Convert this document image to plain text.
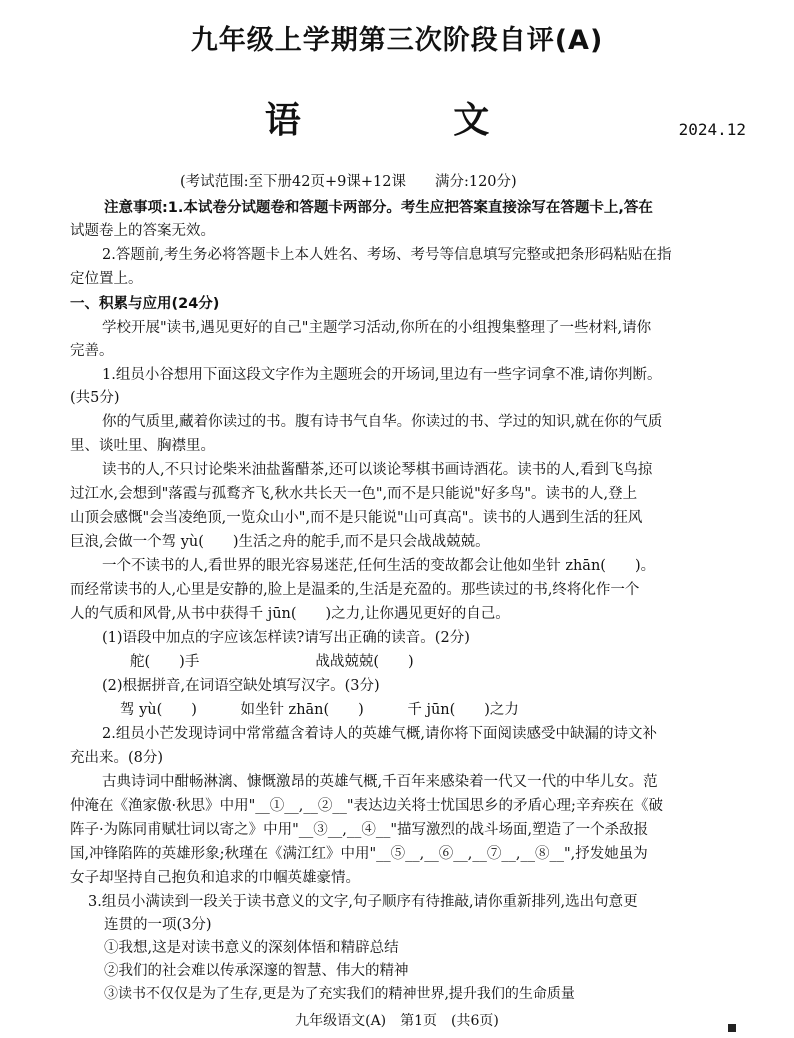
九年级上学期第三次阶段自评(A)
语 文	2024.12
(考试范围:至下册42页+9课+12课　　满分:120分)
注意事项:1.本试卷分试题卷和答题卡两部分。考生应把答案直接涂写在答题卡上,答在
试题卷上的答案无效。
2.答题前,考生务必将答题卡上本人姓名、考场、考号等信息填写完整或把条形码粘贴在指
定位置上。
一、积累与应用(24分)
学校开展"读书,遇见更好的自己"主题学习活动,你所在的小组搜集整理了一些材料,请你
完善。
1.组员小谷想用下面这段文字作为主题班会的开场词,里边有一些字词拿不准,请你判断。
(共5分)
你的气质里,藏着你读过的书。腹有诗书气自华。你读过的书、学过的知识,就在你的气质
里、谈吐里、胸襟里。
读书的人,不只讨论柴米油盐酱醋茶,还可以谈论琴棋书画诗酒花。读书的人,看到飞鸟掠
过江水,会想到"落霞与孤鹜齐飞,秋水共长天一色",而不是只能说"好多鸟"。读书的人,登上
山顶会感慨"会当凌绝顶,一览众山小",而不是只能说"山可真高"。读书的人遇到生活的狂风
巨浪,会做一个驾 yù(　　)生活之舟的舵手,而不是只会战战兢兢。
一个不读书的人,看世界的眼光容易迷茫,任何生活的变故都会让他如坐针 zhān(　　)。
而经常读书的人,心里是安静的,脸上是温柔的,生活是充盈的。那些读过的书,终将化作一个
人的气质和风骨,从书中获得千 jūn(　　)之力,让你遇见更好的自己。
(1)语段中加点的字应该怎样读?请写出正确的读音。(2分)
舵(　　)手　　　　　　　　战战兢兢(　　)
(2)根据拼音,在词语空缺处填写汉字。(3分)
驾 yù(　　)　　　如坐针 zhān(　　)　　　千 jūn(　　)之力
2.组员小芒发现诗词中常常蕴含着诗人的英雄气概,请你将下面阅读感受中缺漏的诗文补
充出来。(8分)
古典诗词中酣畅淋漓、慷慨激昂的英雄气概,千百年来感染着一代又一代的中华儿女。范
仲淹在《渔家傲·秋思》中用"__①__,__②__"表达边关将士忧国思乡的矛盾心理;辛弃疾在《破
阵子·为陈同甫赋壮词以寄之》中用"__③__,__④__"描写激烈的战斗场面,塑造了一个杀敌报
国,冲锋陷阵的英雄形象;秋瑾在《满江红》中用"__⑤__,__⑥__,__⑦__,__⑧__",抒发她虽为
女子却坚持自己抱负和追求的巾帼英雄豪情。
3.组员小满读到一段关于读书意义的文字,句子顺序有待推敲,请你重新排列,选出句意更
连贯的一项(3分)
①我想,这是对读书意义的深刻体悟和精辟总结
②我们的社会难以传承深邃的智慧、伟大的精神
③读书不仅仅是为了生存,更是为了充实我们的精神世界,提升我们的生命质量
九年级语文(A)　第1页　(共6页)
